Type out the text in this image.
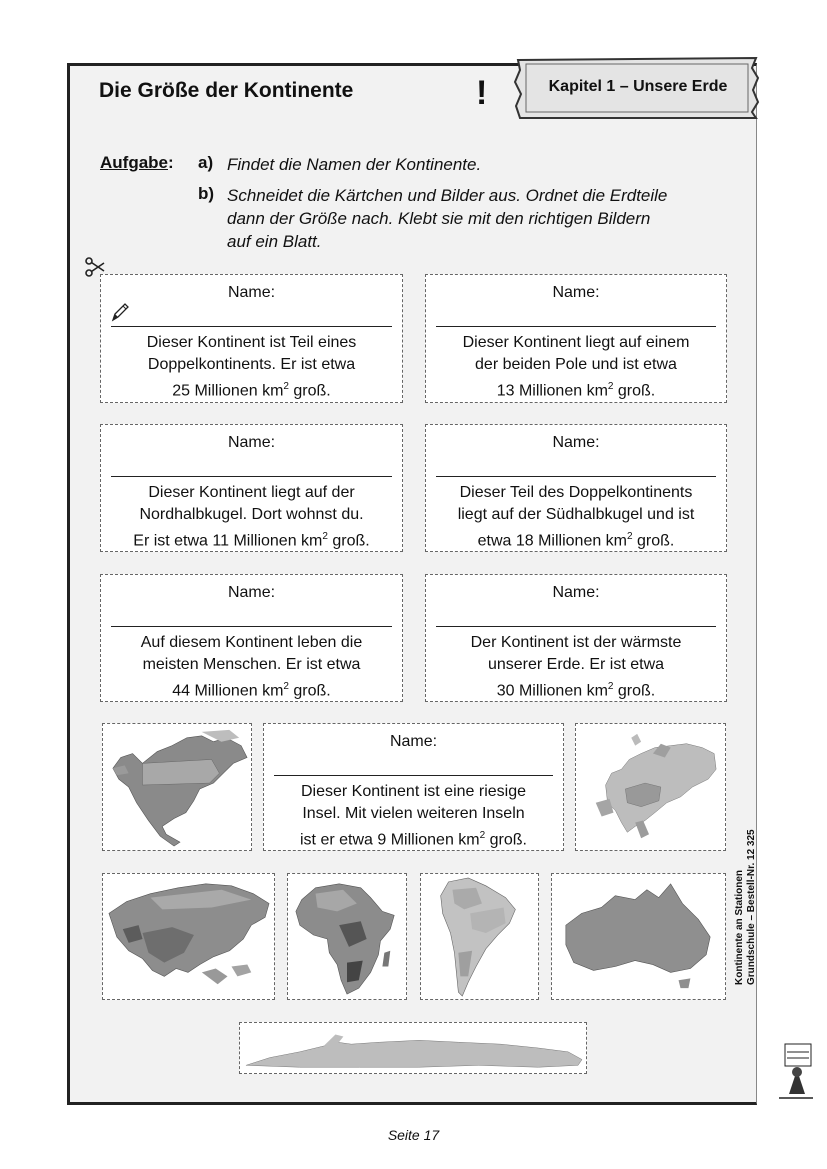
Die Größe der Kontinente	!	Kapitel 1 – Unsere Erde
Aufgabe: a) Findet die Namen der Kontinente.
b) Schneidet die Kärtchen und Bilder aus. Ordnet die Erdteile
dann der Größe nach. Klebt sie mit den richtigen Bildern
auf ein Blatt.
Name:
Dieser Kontinent ist Teil eines
Doppelkontinents. Er ist etwa
25 Millionen $km^2$ groß.
Name:
Dieser Kontinent liegt auf einem
der beiden Pole und ist etwa
13 Millionen $km^2$ groß.
Name:
Dieser Kontinent liegt auf der
Nordhalbkugel. Dort wohnst du.
Er ist etwa 11 Millionen $km^2$ groß.
Name:
Dieser Teil des Doppelkontinents
liegt auf der Südhalbkugel und ist
etwa 18 Millionen $km^2$ groß.
Name:
Auf diesem Kontinent leben die
meisten Menschen. Er ist etwa
44 Millionen $km^2$ groß.
Name:
Der Kontinent ist der wärmste
unserer Erde. Er ist etwa
30 Millionen $km^2$ groß.
Name:
Dieser Kontinent ist eine riesige
Insel. Mit vielen weiteren Inseln
ist er etwa 9 Millionen $km^2$ groß.
Seite 17
Kontinente an Stationen Grundschule – Bestell-Nr. 12 325
